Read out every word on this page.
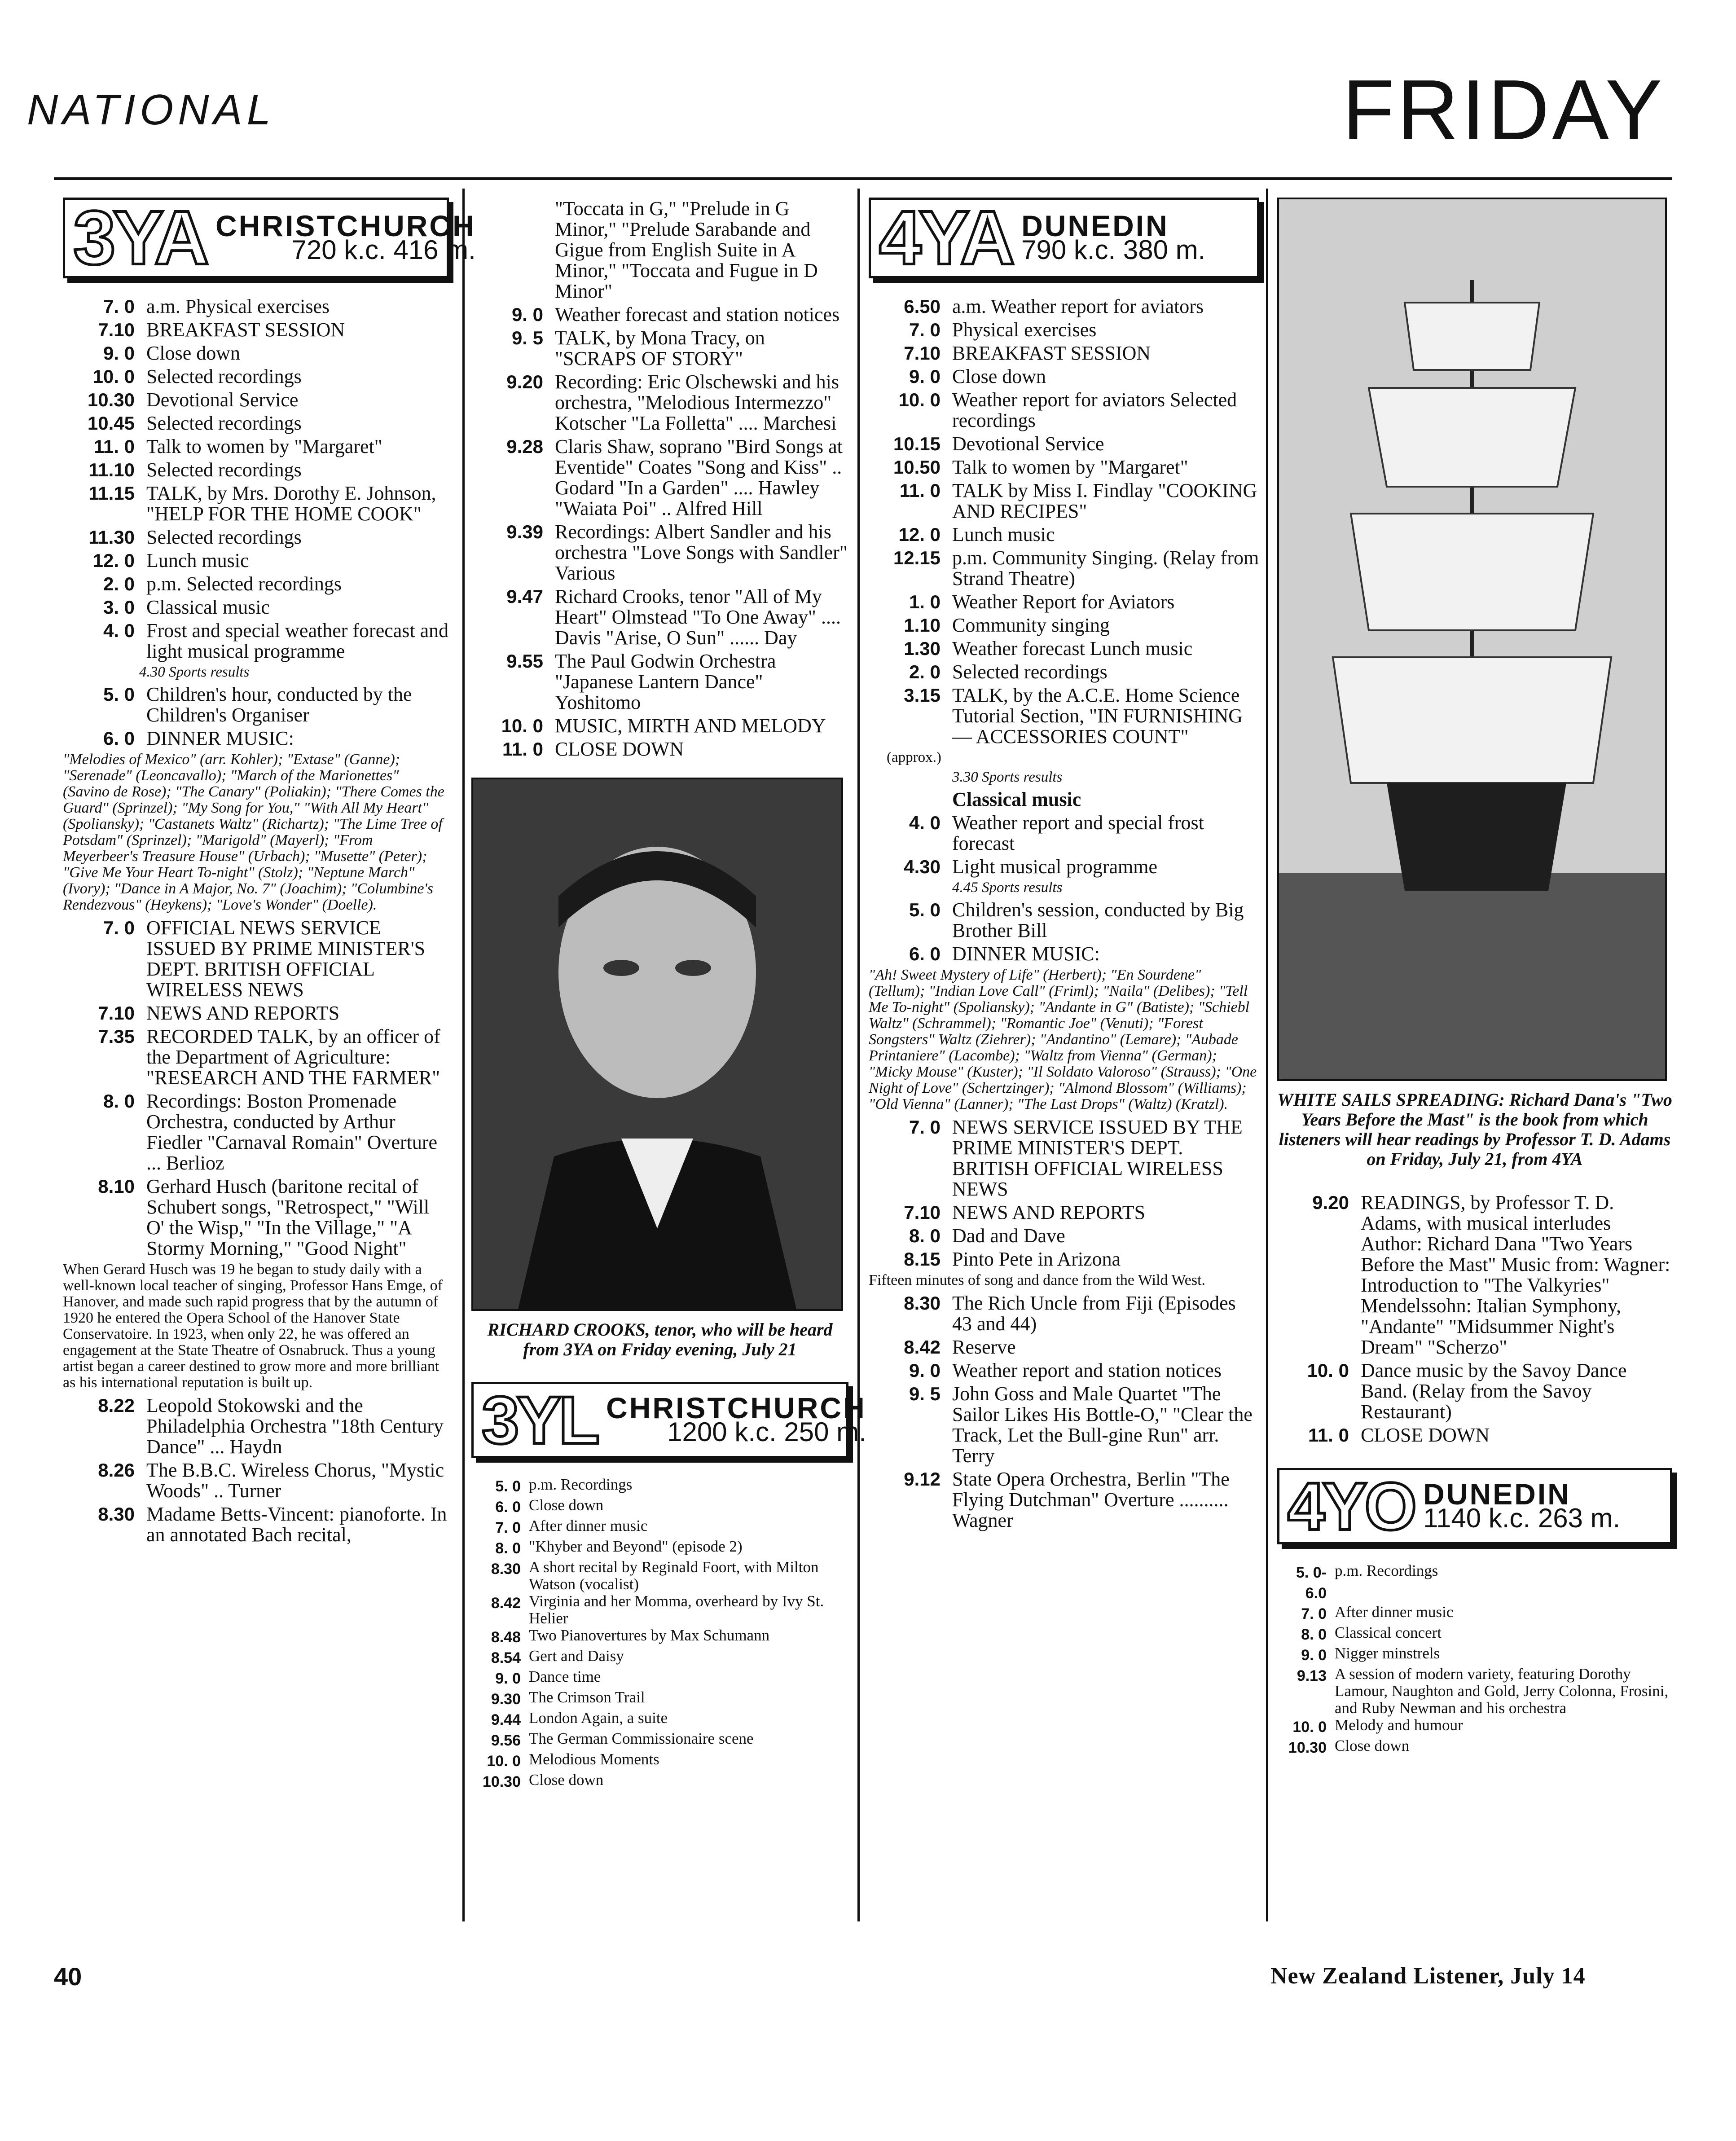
NATIONAL	FRIDAY
3YA CHRISTCHURCH
720 k.c. 416 m.
7. 0 a.m. Physical exercises
7.10 BREAKFAST SESSION
9. 0 Close down
10. 0 Selected recordings
10.30 Devotional Service
10.45 Selected recordings
11. 0 Talk to women by "Margaret"
11.10 Selected recordings
11.15 TALK, by Mrs. Dorothy E. Johnson, "HELP FOR THE HOME COOK"
11.30 Selected recordings
12. 0 Lunch music
2. 0 p.m. Selected recordings
3. 0 Classical music
4. 0 Frost and special weather forecast and light musical programme
4.30 Sports results
5. 0 Children's hour, conducted by the Children's Organiser
6. 0 DINNER MUSIC:
"Melodies of Mexico" (arr. Kohler); "Extase" (Ganne); "Serenade" (Leoncavallo); "March of the Marionettes" (Savino de Rose); "The Canary" (Poliakin); "There Comes the Guard" (Sprinzel); "My Song for You," "With All My Heart" (Spoliansky); "Castanets Waltz" (Richartz); "The Lime Tree of Potsdam" (Sprinzel); "Marigold" (Mayerl); "From Meyerbeer's Treasure House" (Urbach); "Musette" (Peter); "Give Me Your Heart To-night" (Stolz); "Neptune March" (Ivory); "Dance in A Major, No. 7" (Joachim); "Columbine's Rendezvous" (Heykens); "Love's Wonder" (Doelle).
7. 0 OFFICIAL NEWS SERVICE ISSUED BY PRIME MINISTER'S DEPT. BRITISH OFFICIAL WIRELESS NEWS
7.10 NEWS AND REPORTS
7.35 RECORDED TALK, by an officer of the Department of Agriculture: "RESEARCH AND THE FARMER"
8. 0 Recordings: Boston Promenade Orchestra, conducted by Arthur Fiedler "Carnaval Romain" Overture ... Berlioz
8.10 Gerhard Husch (baritone recital of Schubert songs, "Retrospect," "Will O' the Wisp," "In the Village," "A Stormy Morning," "Good Night"
When Gerard Husch was 19 he began to study daily with a well-known local teacher of singing, Professor Hans Emge, of Hanover, and made such rapid progress that by the autumn of 1920 he entered the Opera School of the Hanover State Conservatoire. In 1923, when only 22, he was offered an engagement at the State Theatre of Osnabruck. Thus a young artist began a career destined to grow more and more brilliant as his international reputation is built up.
8.22 Leopold Stokowski and the Philadelphia Orchestra "18th Century Dance" ... Haydn
8.26 The B.B.C. Wireless Chorus, "Mystic Woods" .. Turner
8.30 Madame Betts-Vincent: pianoforte. In an annotated Bach recital,
"Toccata in G," "Prelude in G Minor," "Prelude Sarabande and Gigue from English Suite in A Minor," "Toccata and Fugue in D Minor"
9. 0 Weather forecast and station notices
9. 5 TALK, by Mona Tracy, on "SCRAPS OF STORY"
9.20 Recording: Eric Olschewski and his orchestra, "Melodious Intermezzo" Kotscher "La Folletta" .... Marchesi
9.28 Claris Shaw, soprano "Bird Songs at Eventide" Coates "Song and Kiss" .. Godard "In a Garden" .... Hawley "Waiata Poi" .. Alfred Hill
9.39 Recordings: Albert Sandler and his orchestra "Love Songs with Sandler" Various
9.47 Richard Crooks, tenor "All of My Heart" Olmstead "To One Away" .... Davis "Arise, O Sun" ...... Day
9.55 The Paul Godwin Orchestra "Japanese Lantern Dance" Yoshitomo
10. 0 MUSIC, MIRTH AND MELODY
11. 0 CLOSE DOWN
RICHARD CROOKS, tenor, who will be heard from 3YA on Friday evening, July 21
3YL CHRISTCHURCH
1200 k.c. 250 m.
5. 0 p.m. Recordings
6. 0 Close down
7. 0 After dinner music
8. 0 "Khyber and Beyond" (episode 2)
8.30 A short recital by Reginald Foort, with Milton Watson (vocalist)
8.42 Virginia and her Momma, overheard by Ivy St. Helier
8.48 Two Pianovertures by Max Schumann
8.54 Gert and Daisy
9. 0 Dance time
9.30 The Crimson Trail
9.44 London Again, a suite
9.56 The German Commissionaire scene
10. 0 Melodious Moments
10.30 Close down
4YA DUNEDIN
790 k.c. 380 m.
6.50 a.m. Weather report for aviators
7. 0 Physical exercises
7.10 BREAKFAST SESSION
9. 0 Close down
10. 0 Weather report for aviators Selected recordings
10.15 Devotional Service
10.50 Talk to women by "Margaret"
11. 0 TALK by Miss I. Findlay "COOKING AND RECIPES"
12. 0 Lunch music
12.15 p.m. Community Singing. (Relay from Strand Theatre)
1. 0 Weather Report for Aviators
1.10 Community singing
1.30 Weather forecast Lunch music
2. 0 Selected recordings
3.15 TALK, by the A.C.E. Home Science Tutorial Section, "IN FURNISHING — ACCESSORIES COUNT"
(approx.)
3.30 Sports results
Classical music
4. 0 Weather report and special frost forecast
4.30 Light musical programme
4.45 Sports results
5. 0 Children's session, conducted by Big Brother Bill
6. 0 DINNER MUSIC:
"Ah! Sweet Mystery of Life" (Herbert); "En Sourdene" (Tellum); "Indian Love Call" (Friml); "Naila" (Delibes); "Tell Me To-night" (Spoliansky); "Andante in G" (Batiste); "Schiebl Waltz" (Schrammel); "Romantic Joe" (Venuti); "Forest Songsters" Waltz (Ziehrer); "Andantino" (Lemare); "Aubade Printaniere" (Lacombe); "Waltz from Vienna" (German); "Micky Mouse" (Kuster); "Il Soldato Valoroso" (Strauss); "One Night of Love" (Schertzinger); "Almond Blossom" (Williams); "Old Vienna" (Lanner); "The Last Drops" (Waltz) (Kratzl).
7. 0 NEWS SERVICE ISSUED BY THE PRIME MINISTER'S DEPT. BRITISH OFFICIAL WIRELESS NEWS
7.10 NEWS AND REPORTS
8. 0 Dad and Dave
8.15 Pinto Pete in Arizona
Fifteen minutes of song and dance from the Wild West.
8.30 The Rich Uncle from Fiji (Episodes 43 and 44)
8.42 Reserve
9. 0 Weather report and station notices
9. 5 John Goss and Male Quartet "The Sailor Likes His Bottle-O," "Clear the Track, Let the Bull-gine Run" arr. Terry
9.12 State Opera Orchestra, Berlin "The Flying Dutchman" Overture .......... Wagner
WHITE SAILS SPREADING: Richard Dana's "Two Years Before the Mast" is the book from which listeners will hear readings by Professor T. D. Adams on Friday, July 21, from 4YA
9.20 READINGS, by Professor T. D. Adams, with musical interludes Author: Richard Dana "Two Years Before the Mast" Music from: Wagner: Introduction to "The Valkyries" Mendelssohn: Italian Symphony, "Andante" "Midsummer Night's Dream" "Scherzo"
10. 0 Dance music by the Savoy Dance Band. (Relay from the Savoy Restaurant)
11. 0 CLOSE DOWN
4YO DUNEDIN
1140 k.c. 263 m.
5. 0-6.0
p.m. Recordings
7. 0 After dinner music
8. 0 Classical concert
9. 0 Nigger minstrels
9.13 A session of modern variety, featuring Dorothy Lamour, Naughton and Gold, Jerry Colonna, Frosini, and Ruby Newman and his orchestra
10. 0 Melody and humour
10.30 Close down
40	New Zealand Listener, July 14
